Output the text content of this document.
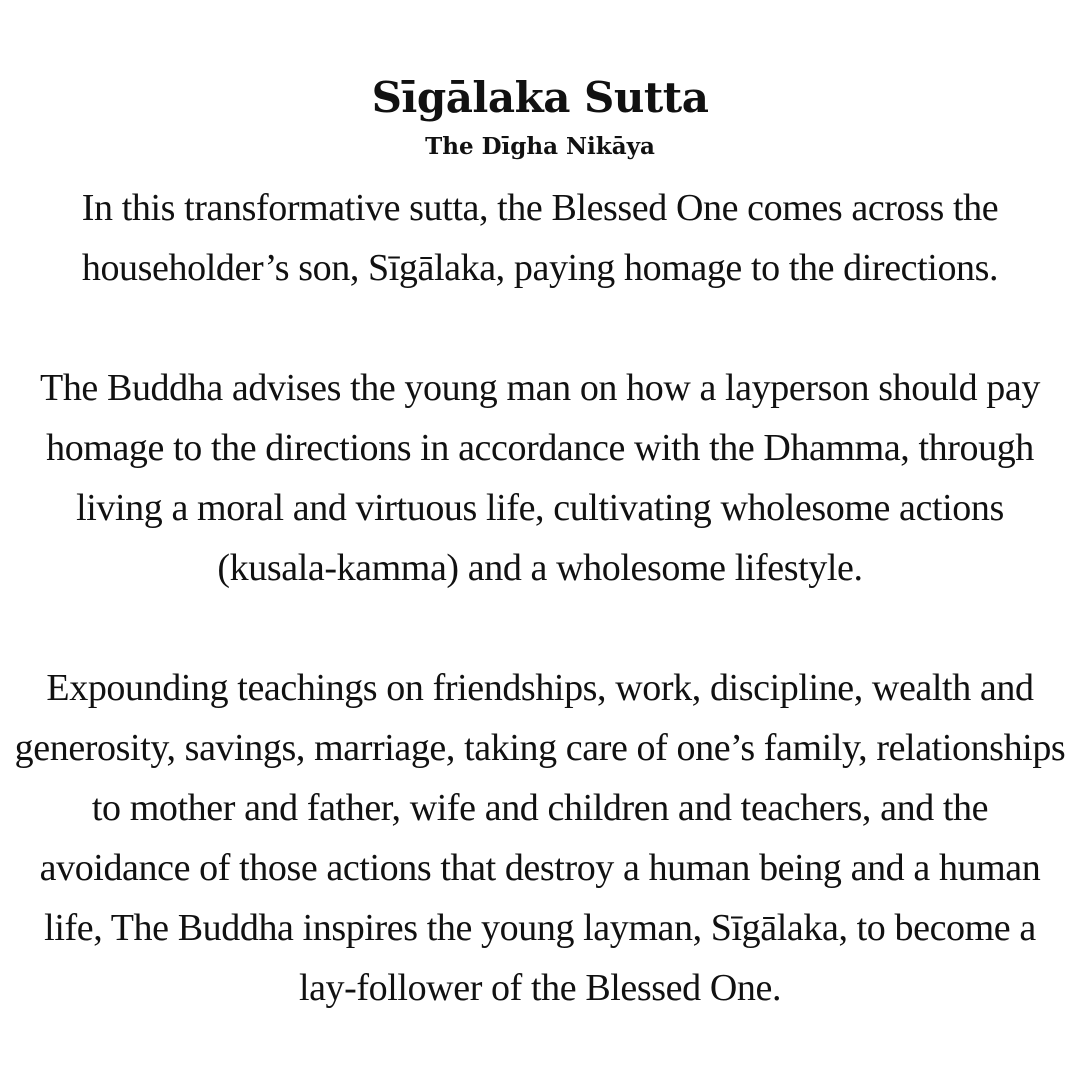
Sīgālaka Sutta
The Dīgha Nikāya

In this transformative sutta, the Blessed One comes across the householder’s son, Sīgālaka, paying homage to the directions.

The Buddha advises the young man on how a layperson should pay homage to the directions in accordance with the Dhamma, through living a moral and virtuous life, cultivating wholesome actions (kusala-kamma) and a wholesome lifestyle.

Expounding teachings on friendships, work, discipline, wealth and generosity, savings, marriage, taking care of one’s family, relationships to mother and father, wife and children and teachers, and the avoidance of those actions that destroy a human being and a human life, The Buddha inspires the young layman, Sīgālaka, to become a lay-follower of the Blessed One.
